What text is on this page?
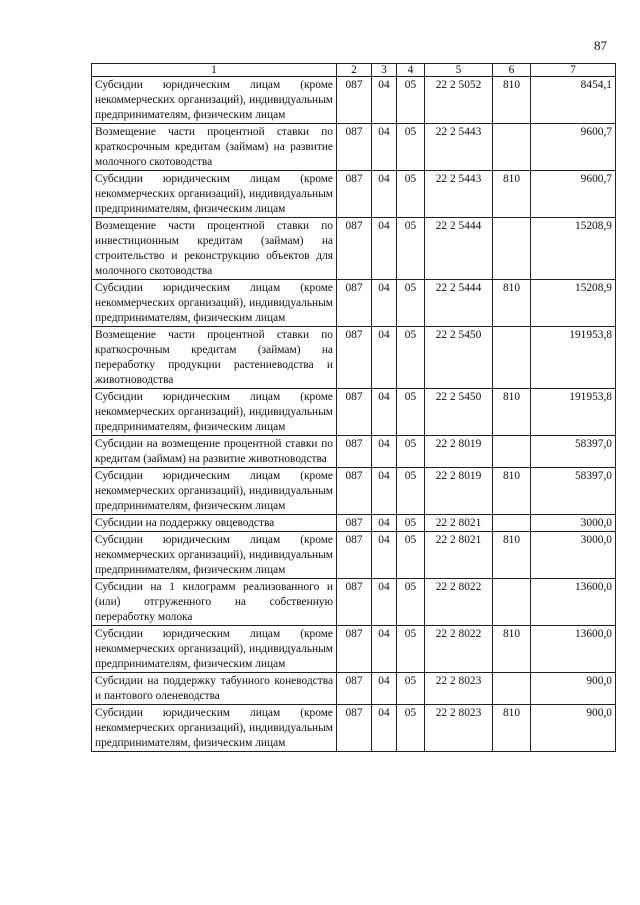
87
1	2	3	4	5	6	7
Субсидии юридическим лицам (кроме некоммерческих организаций), индивидуальным предпринимателям, физическим лицам	087	04	05	22 2 5052	810	8454,1
Возмещение части процентной ставки по краткосрочным кредитам (займам) на развитие молочного скотоводства	087	04	05	22 2 5443		9600,7
Субсидии юридическим лицам (кроме некоммерческих организаций), индивидуальным предпринимателям, физическим лицам	087	04	05	22 2 5443	810	9600,7
Возмещение части процентной ставки по инвестиционным кредитам (займам) на строительство и реконструкцию объектов для молочного скотоводства	087	04	05	22 2 5444		15208,9
Субсидии юридическим лицам (кроме некоммерческих организаций), индивидуальным предпринимателям, физическим лицам	087	04	05	22 2 5444	810	15208,9
Возмещение части процентной ставки по краткосрочным кредитам (займам) на переработку продукции растениеводства и животноводства	087	04	05	22 2 5450		191953,8
Субсидии юридическим лицам (кроме некоммерческих организаций), индивидуальным предпринимателям, физическим лицам	087	04	05	22 2 5450	810	191953,8
Субсидии на возмещение процентной ставки по кредитам (займам) на развитие животноводства	087	04	05	22 2 8019		58397,0
Субсидии юридическим лицам (кроме некоммерческих организаций), индивидуальным предпринимателям, физическим лицам	087	04	05	22 2 8019	810	58397,0
Субсидии на поддержку овцеводства	087	04	05	22 2 8021		3000,0
Субсидии юридическим лицам (кроме некоммерческих организаций), индивидуальным предпринимателям, физическим лицам	087	04	05	22 2 8021	810	3000,0
Субсидии на 1 килограмм реализованного и (или) отгруженного на собственную переработку молока	087	04	05	22 2 8022		13600,0
Субсидии юридическим лицам (кроме некоммерческих организаций), индивидуальным предпринимателям, физическим лицам	087	04	05	22 2 8022	810	13600,0
Субсидии на поддержку табунного коневодства и пантового оленеводства	087	04	05	22 2 8023		900,0
Субсидии юридическим лицам (кроме некоммерческих организаций), индивидуальным предпринимателям, физическим лицам	087	04	05	22 2 8023	810	900,0
